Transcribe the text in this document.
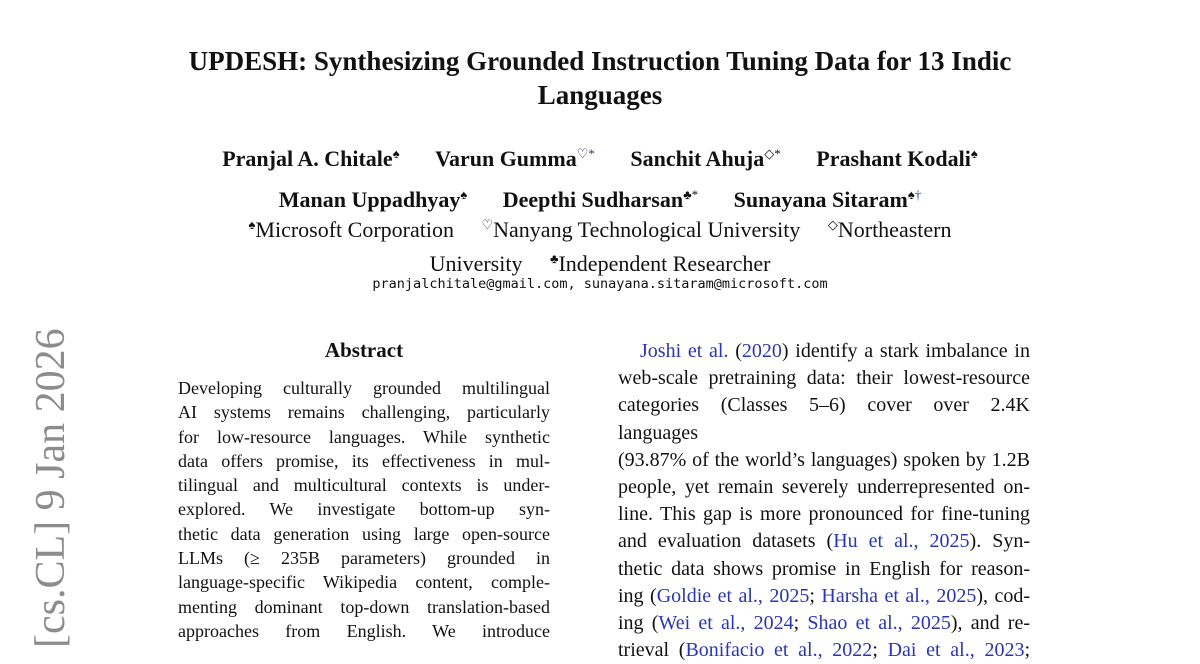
UPDESH: Synthesizing Grounded Instruction Tuning Data for 13 Indic
Languages
Pranjal A. Chitale♠ Varun Gumma♡* Sanchit Ahuja◇* Prashant Kodali♠
Manan Uppadhyay♠ Deepthi Sudharsan♣* Sunayana Sitaram♠†
♠Microsoft Corporation ♡Nanyang Technological University ◇Northeastern
University ♣Independent Researcher
pranjalchitale@gmail.com, sunayana.sitaram@microsoft.com
Abstract
Developing culturally grounded multilingual
AI systems remains challenging, particularly
for low-resource languages. While synthetic
data offers promise, its effectiveness in mul-
tilingual and multicultural contexts is under-
explored. We investigate bottom-up syn-
thetic data generation using large open-source
LLMs (≥ 235B parameters) grounded in
language-specific Wikipedia content, comple-
menting dominant top-down translation-based
approaches from English. We introduce
Joshi et al. (2020) identify a stark imbalance in
web-scale pretraining data: their lowest-resource
categories (Classes 5–6) cover over 2.4K languages
(93.87% of the world’s languages) spoken by 1.2B
people, yet remain severely underrepresented on-
line. This gap is more pronounced for fine-tuning
and evaluation datasets (Hu et al., 2025). Syn-
thetic data shows promise in English for reason-
ing (Goldie et al., 2025; Harsha et al., 2025), cod-
ing (Wei et al., 2024; Shao et al., 2025), and re-
trieval (Bonifacio et al., 2022; Dai et al., 2023;
[cs.CL] 9 Jan 2026
